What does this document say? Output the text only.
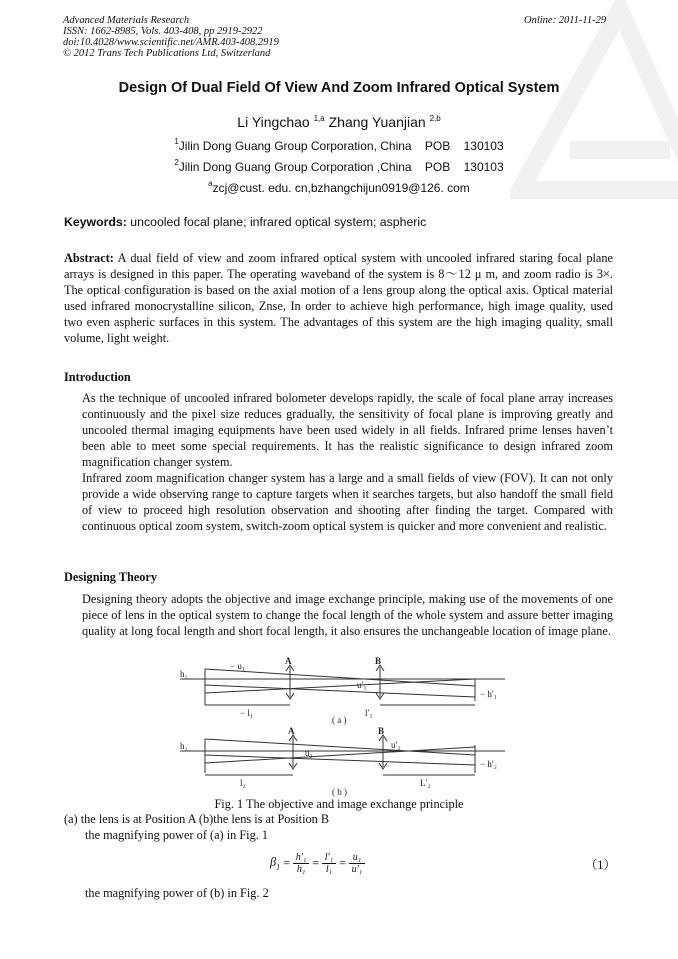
Advanced Materials Research
ISSN: 1662-8985, Vols. 403-408, pp 2919-2922
doi:10.4028/www.scientific.net/AMR.403-408.2919
© 2012 Trans Tech Publications Ltd, Switzerland
Online: 2011-11-29
Design Of Dual Field Of View And Zoom Infrared Optical System
Li Yingchao $^{1,a}$ Zhang Yuanjian $^{2,b}$
$^1$Jilin Dong Guang Group Corporation, China    POB    130103
$^2$Jilin Dong Guang Group Corporation ,China    POB    130103
$^a$zcj@cust. edu. cn,bzhangchijun0919@126. com
Keywords: uncooled focal plane; infrared optical system; aspheric
Abstract: A dual field of view and zoom infrared optical system with uncooled infrared staring focal plane arrays is designed in this paper. The operating waveband of the system is 8～12 μ m, and zoom radio is 3×. The optical configuration is based on the axial motion of a lens group along the optical axis. Optical material used infrared monocrystalline silicon, Znse, In order to achieve high performance, high image quality, used two even aspheric surfaces in this system. The advantages of this system are the high imaging quality, small volume, light weight.
Introduction
As the technique of uncooled infrared bolometer develops rapidly, the scale of focal plane array increases continuously and the pixel size reduces gradually, the sensitivity of focal plane is improving greatly and uncooled thermal imaging equipments have been used widely in all fields. Infrared prime lenses haven’t been able to meet some special requirements. It has the realistic significance to design infrared zoom magnification changer system.
Infrared zoom magnification changer system has a large and a small fields of view (FOV). It can not only provide a wide observing range to capture targets when it searches targets, but also handoff the small field of view to proceed high resolution observation and shooting after finding the target. Compared with continuous optical zoom system, switch-zoom optical system is quicker and more convenient and realistic.
Designing Theory
Designing theory adopts the objective and image exchange principle, making use of the movements of one piece of lens in the optical system to change the focal length of the whole system and assure better imaging quality at long focal length and short focal length, it also ensures the unchangeable location of image plane.
h₁
− u₁	A	B
u′₁
− l₁	l′₁
− h′₁
( a )
h₂
u₂
A	B
u′₂
l₂	L′₂
− h′₂
( b )
Fig. 1 The objective and image exchange principle
(a) the lens is at Position A (b)the lens is at Position B
the magnifying power of (a) in Fig. 1
$\beta_1 = h'_1$
h₁ = l′₁
l₁ = u₁
u′₁	（1）
the magnifying power of (b) in Fig. 2
